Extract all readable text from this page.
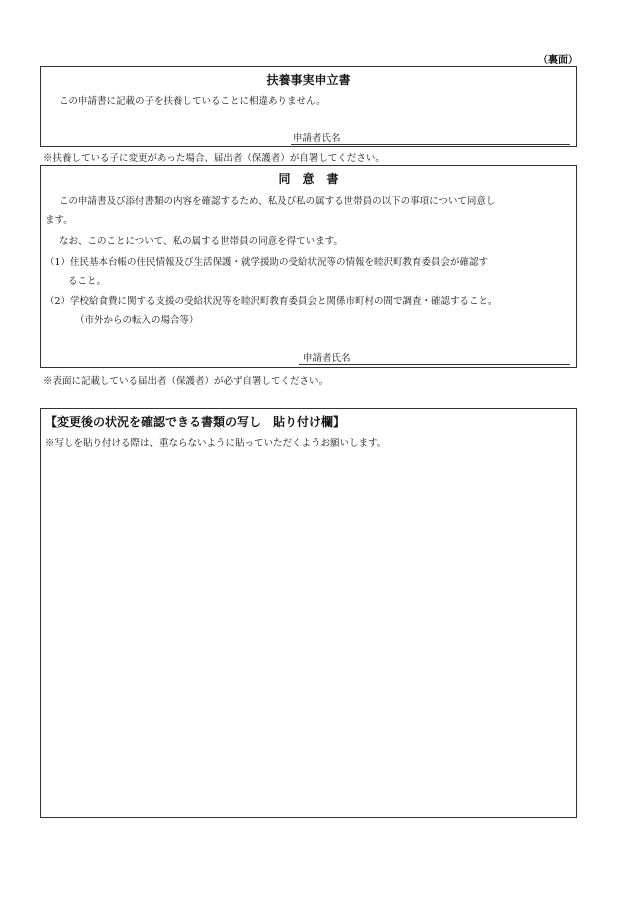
（裏面）
扶養事実申立書
この申請書に記載の子を扶養していることに相違ありません。
申請者氏名
※扶養している子に変更があった場合、届出者（保護者）が自署してください。
同　意　書
この申請書及び添付書類の内容を確認するため、私及び私の属する世帯員の以下の事項について同意し
ます。
なお、このことについて、私の属する世帯員の同意を得ています。
（1）住民基本台帳の住民情報及び生活保護・就学援助の受給状況等の情報を睦沢町教育委員会が確認す
ること。
（2）学校給食費に関する支援の受給状況等を睦沢町教育委員会と関係市町村の間で調査・確認すること。
（市外からの転入の場合等）
申請者氏名
※表面に記載している届出者（保護者）が必ず自署してください。
【変更後の状況を確認できる書類の写し　貼り付け欄】
※写しを貼り付ける際は、重ならないように貼っていただくようお願いします。
